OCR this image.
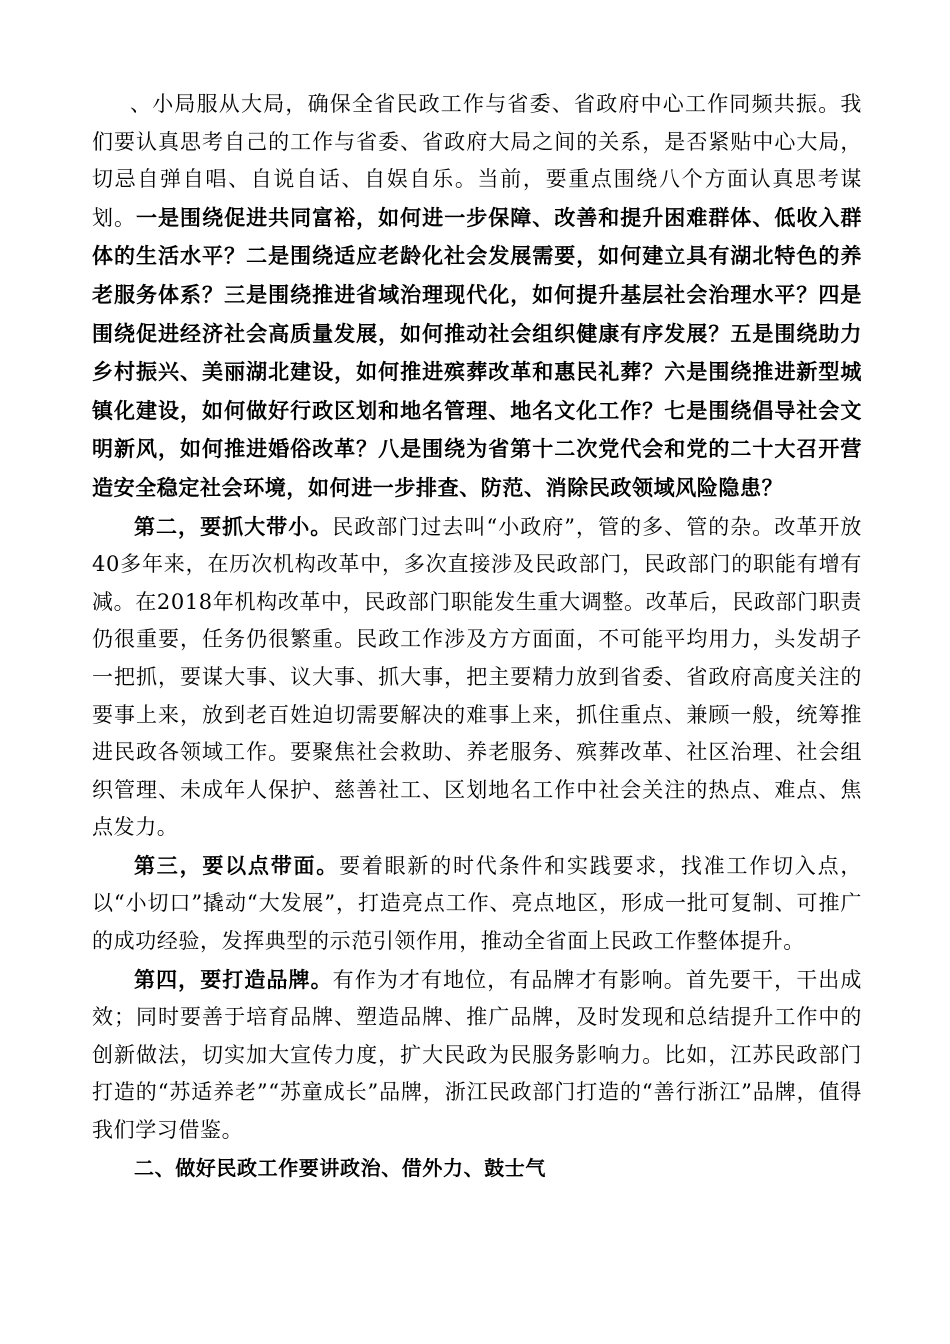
、小局服从大局，确保全省民政工作与省委、省政府中心工作同频共振。我们要认真思考自己的工作与省委、省政府大局之间的关系，是否紧贴中心大局，切忌自弹自唱、自说自话、自娱自乐。当前，要重点围绕八个方面认真思考谋划。一是围绕促进共同富裕，如何进一步保障、改善和提升困难群体、低收入群体的生活水平？二是围绕适应老龄化社会发展需要，如何建立具有湖北特色的养老服务体系？三是围绕推进省域治理现代化，如何提升基层社会治理水平？四是围绕促进经济社会高质量发展，如何推动社会组织健康有序发展？五是围绕助力乡村振兴、美丽湖北建设，如何推进殡葬改革和惠民礼葬？六是围绕推进新型城镇化建设，如何做好行政区划和地名管理、地名文化工作？七是围绕倡导社会文明新风，如何推进婚俗改革？八是围绕为省第十二次党代会和党的二十大召开营造安全稳定社会环境，如何进一步排查、防范、消除民政领域风险隐患？

第二，要抓大带小。民政部门过去叫“小政府”，管的多、管的杂。改革开放40多年来，在历次机构改革中，多次直接涉及民政部门，民政部门的职能有增有减。在2018年机构改革中，民政部门职能发生重大调整。改革后，民政部门职责仍很重要，任务仍很繁重。民政工作涉及方方面面，不可能平均用力，头发胡子一把抓，要谋大事、议大事、抓大事，把主要精力放到省委、省政府高度关注的要事上来，放到老百姓迫切需要解决的难事上来，抓住重点、兼顾一般，统筹推进民政各领域工作。要聚焦社会救助、养老服务、殡葬改革、社区治理、社会组织管理、未成年人保护、慈善社工、区划地名工作中社会关注的热点、难点、焦点发力。

第三，要以点带面。要着眼新的时代条件和实践要求，找准工作切入点，以“小切口”撬动“大发展”，打造亮点工作、亮点地区，形成一批可复制、可推广的成功经验，发挥典型的示范引领作用，推动全省面上民政工作整体提升。

第四，要打造品牌。有作为才有地位，有品牌才有影响。首先要干，干出成效；同时要善于培育品牌、塑造品牌、推广品牌，及时发现和总结提升工作中的创新做法，切实加大宣传力度，扩大民政为民服务影响力。比如，江苏民政部门打造的“苏适养老”“苏童成长”品牌，浙江民政部门打造的“善行浙江”品牌，值得我们学习借鉴。

二、做好民政工作要讲政治、借外力、鼓士气
